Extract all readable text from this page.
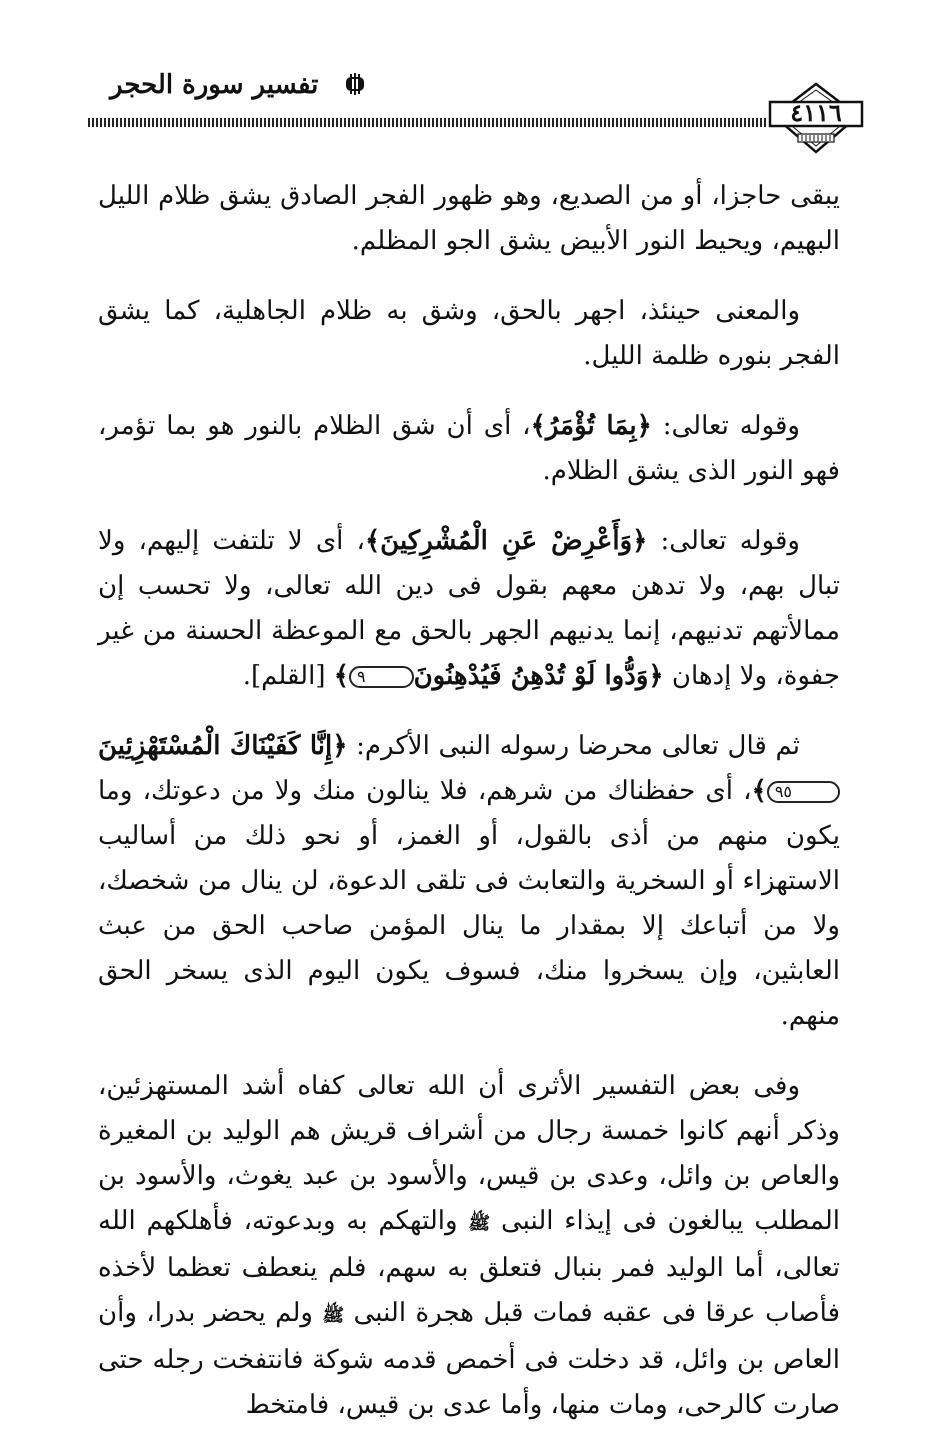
تفسير سورة الحجر
٤١١٦

يبقى حاجزا، أو من الصديع، وهو ظهور الفجر الصادق يشق ظلام الليل البهيم، ويحيط النور الأبيض يشق الجو المظلم.

والمعنى حينئذ، اجهر بالحق، وشق به ظلام الجاهلية، كما يشق الفجر بنوره ظلمة الليل.

وقوله تعالى: ﴿بِمَا تُؤْمَرُ﴾، أى أن شق الظلام بالنور هو بما تؤمر، فهو النور الذى يشق الظلام.

وقوله تعالى: ﴿وَأَعْرِضْ عَنِ الْمُشْرِكِينَ﴾، أى لا تلتفت إليهم، ولا تبال بهم، ولا تدهن معهم بقول فى دين الله تعالى، ولا تحسب إن ممالأتهم تدنيهم، إنما يدنيهم الجهر بالحق مع الموعظة الحسنة من غير جفوة، ولا إدهان ﴿وَدُّوا لَوْ تُدْهِنُ فَيُدْهِنُونَ٩﴾ [القلم].

ثم قال تعالى محرضا رسوله النبى الأكرم: ﴿إِنَّا كَفَيْنَاكَ الْمُسْتَهْزِئِينَ٩٥﴾، أى حفظناك من شرهم، فلا ينالون منك ولا من دعوتك، وما يكون منهم من أذى بالقول، أو الغمز، أو نحو ذلك من أساليب الاستهزاء أو السخرية والتعابث فى تلقى الدعوة، لن ينال من شخصك، ولا من أتباعك إلا بمقدار ما ينال المؤمن صاحب الحق من عبث العابثين، وإن يسخروا منك، فسوف يكون اليوم الذى يسخر الحق منهم.

وفى بعض التفسير الأثرى أن الله تعالى كفاه أشد المستهزئين، وذكر أنهم كانوا خمسة رجال من أشراف قريش هم الوليد بن المغيرة والعاص بن وائل، وعدى بن قيس، والأسود بن عبد يغوث، والأسود بن المطلب يبالغون فى إيذاء النبى ﷺ والتهكم به وبدعوته، فأهلكهم الله تعالى، أما الوليد فمر بنبال فتعلق به سهم، فلم ينعطف تعظما لأخذه فأصاب عرقا فى عقبه فمات قبل هجرة النبى ﷺ ولم يحضر بدرا، وأن العاص بن وائل، قد دخلت فى أخمص قدمه شوكة فانتفخت رجله حتى صارت كالرحى، ومات منها، وأما عدى بن قيس، فامتخط
